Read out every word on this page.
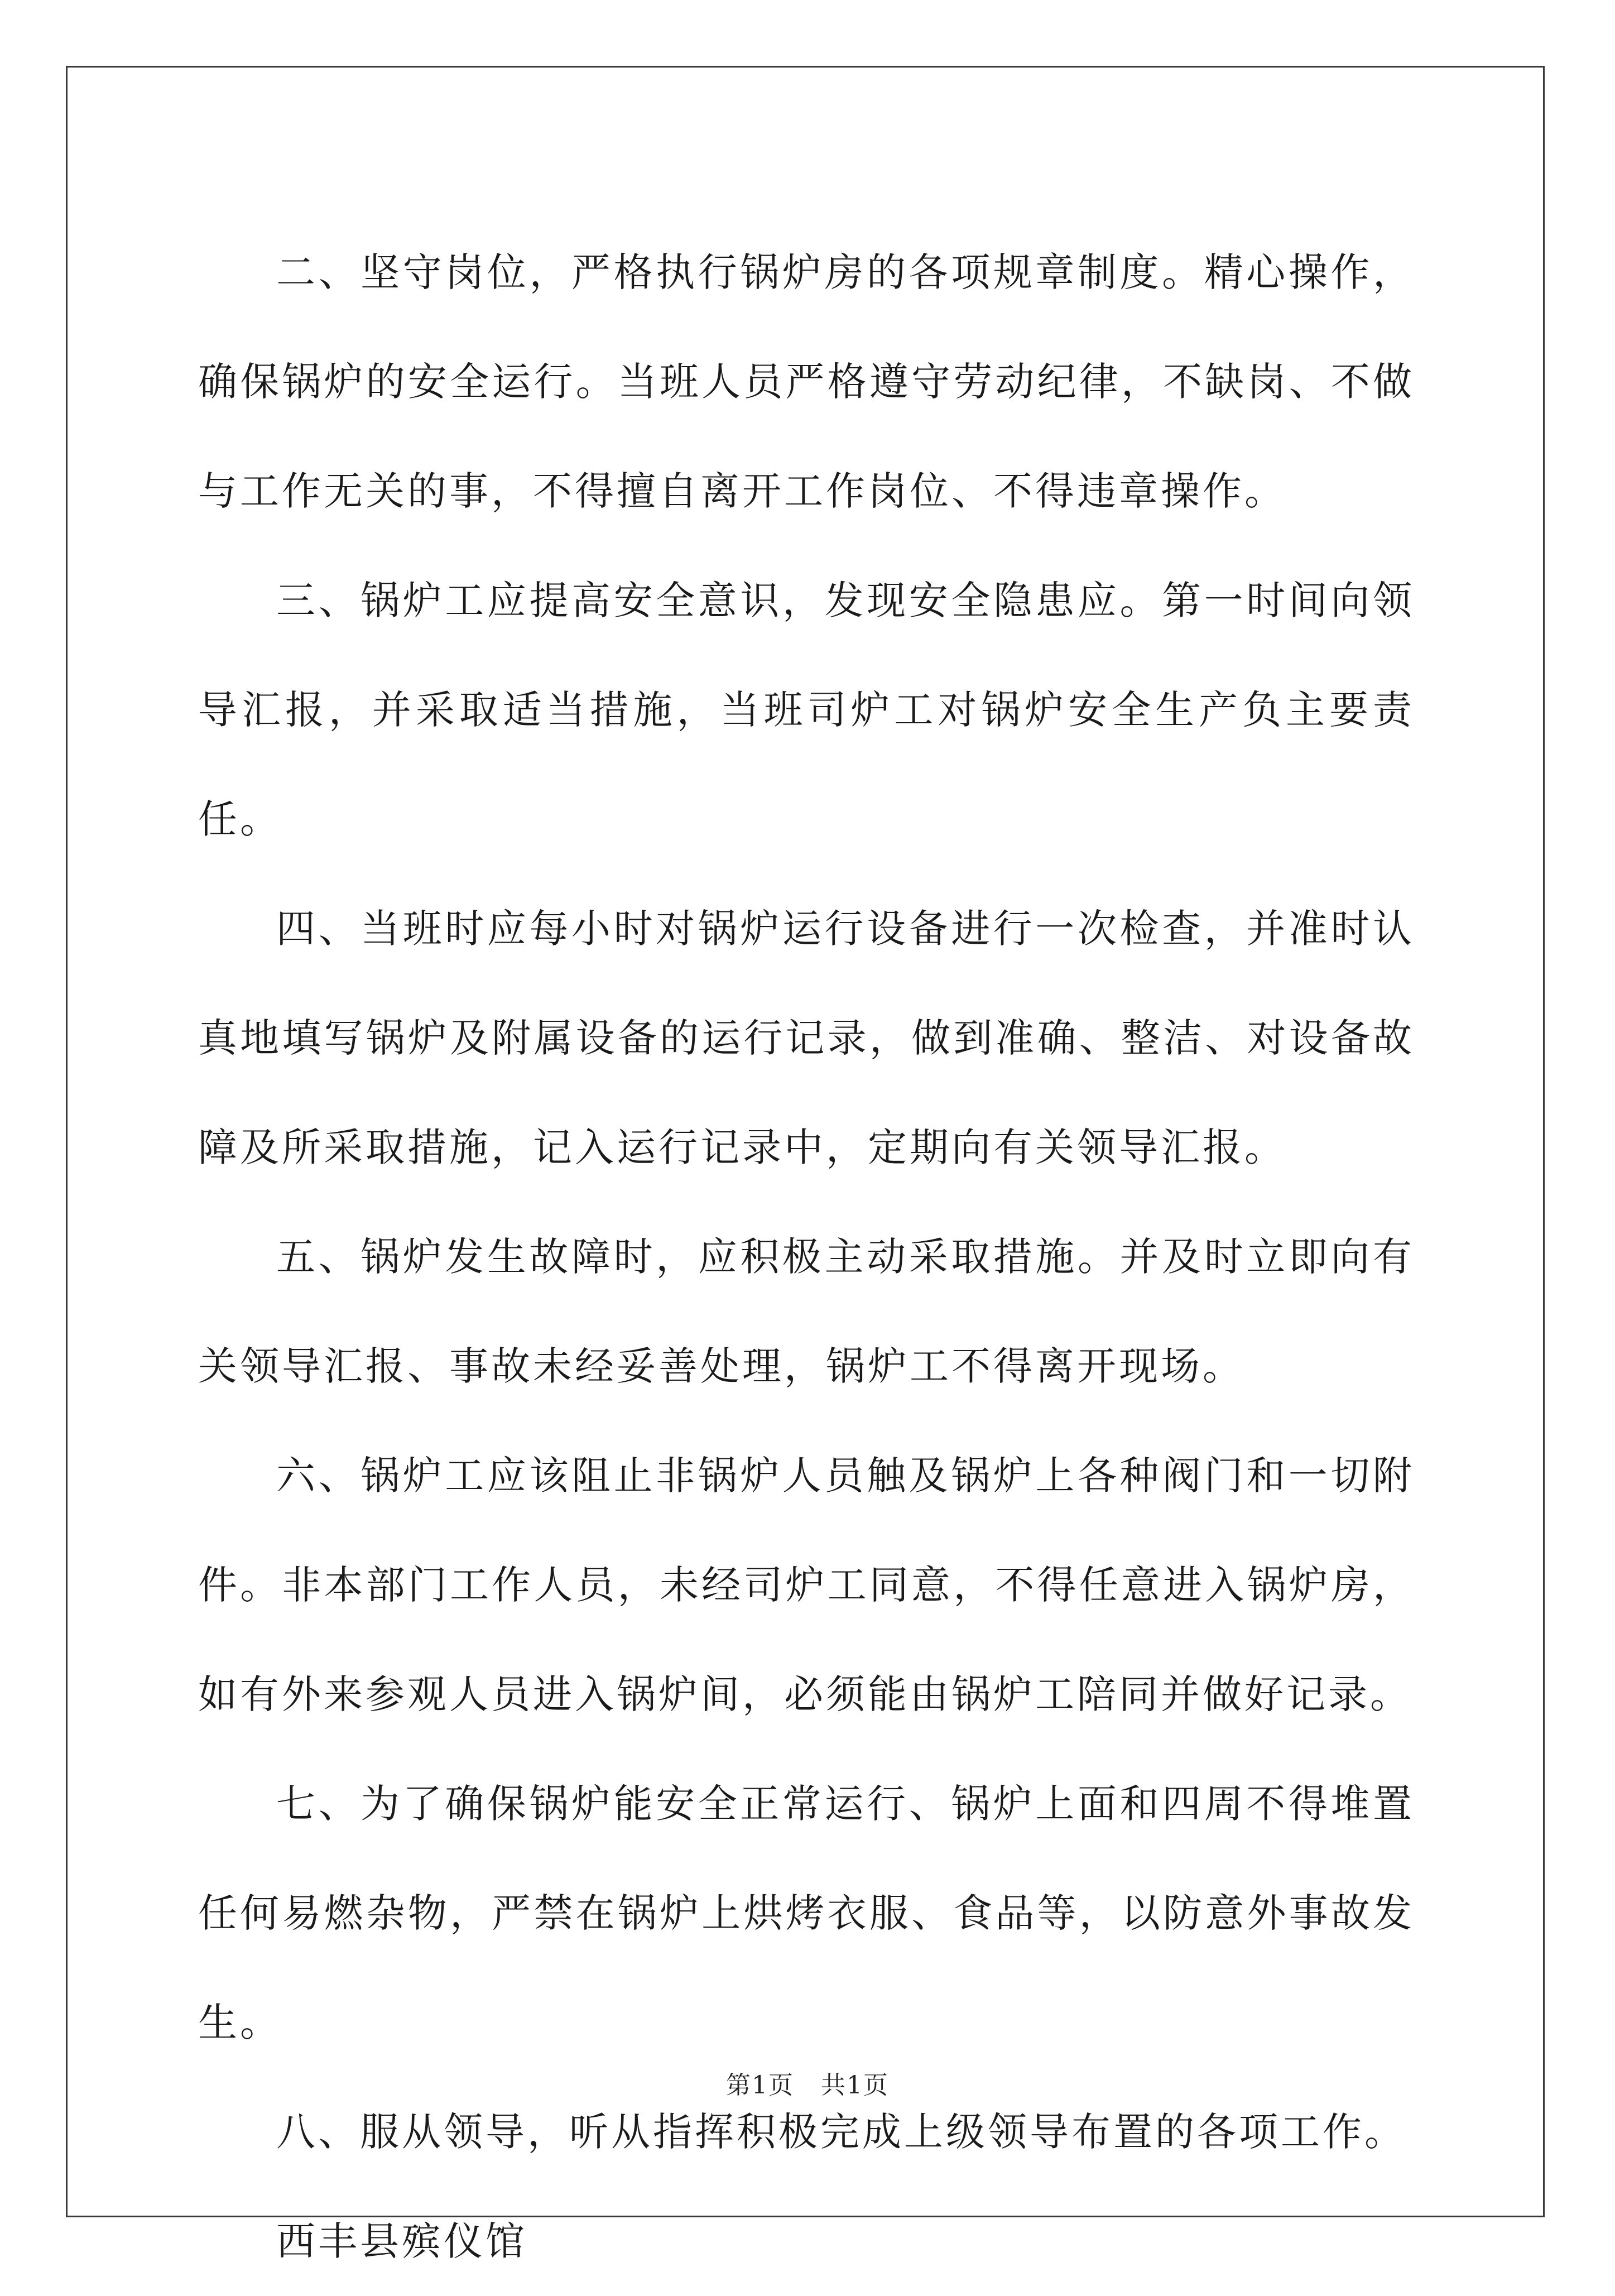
二、坚守岗位，严格执行锅炉房的各项规章制度。精心操作，确保锅炉的安全运行。当班人员严格遵守劳动纪律，不缺岗、不做与工作无关的事，不得擅自离开工作岗位、不得违章操作。

三、锅炉工应提高安全意识，发现安全隐患应。第一时间向领导汇报，并采取适当措施，当班司炉工对锅炉安全生产负主要责任。

四、当班时应每小时对锅炉运行设备进行一次检查，并准时认真地填写锅炉及附属设备的运行记录，做到准确、整洁、对设备故障及所采取措施，记入运行记录中，定期向有关领导汇报。

五、锅炉发生故障时，应积极主动采取措施。并及时立即向有关领导汇报、事故未经妥善处理，锅炉工不得离开现场。

六、锅炉工应该阻止非锅炉人员触及锅炉上各种阀门和一切附件。非本部门工作人员，未经司炉工同意，不得任意进入锅炉房，如有外来参观人员进入锅炉间，必须能由锅炉工陪同并做好记录。

七、为了确保锅炉能安全正常运行、锅炉上面和四周不得堆置任何易燃杂物，严禁在锅炉上烘烤衣服、食品等，以防意外事故发生。

八、服从领导，听从指挥积极完成上级领导布置的各项工作。

西丰县殡仪馆

第1页 共1页
